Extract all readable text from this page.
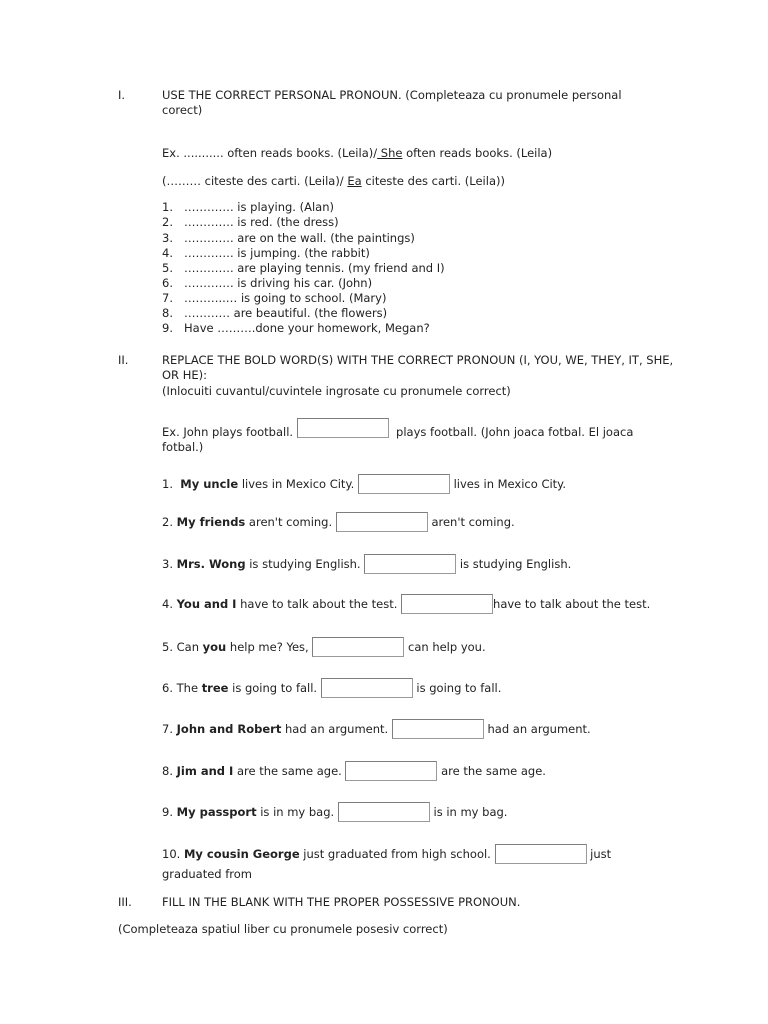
I.	USE THE CORRECT PERSONAL PRONOUN. (Completeaza cu pronumele personal corect)
Ex. ........... often reads books. (Leila)/ She often reads books. (Leila)
(……… citeste des carti. (Leila)/ Ea citeste des carti. (Leila))
1. …………. is playing. (Alan)
2. …………. is red. (the dress)
3. …………. are on the wall. (the paintings)
4. …………. is jumping. (the rabbit)
5. …………. are playing tennis. (my friend and I)
6. …………. is driving his car. (John)
7. ………..… is going to school. (Mary)
8. ………… are beautiful. (the flowers)
9. Have ……….done your homework, Megan?
II.	REPLACE THE BOLD WORD(S) WITH THE CORRECT PRONOUN (I, YOU, WE, THEY, IT, SHE, OR HE):
(Inlocuiti cuvantul/cuvintele ingrosate cu pronumele correct)
Ex. John plays football.	plays football. (John joaca fotbal. El joaca fotbal.)
1. My uncle lives in Mexico City.	lives in Mexico City.
2. My friends aren't coming.	aren't coming.
3. Mrs. Wong is studying English.	is studying English.
4. You and I have to talk about the test.	have to talk about the test.
5. Can you help me? Yes,	can help you.
6. The tree is going to fall.	is going to fall.
7. John and Robert had an argument.	had an argument.
8. Jim and I are the same age.	are the same age.
9. My passport is in my bag.	is in my bag.
10. My cousin George just graduated from high school.	just
graduated from
III.	FILL IN THE BLANK WITH THE PROPER POSSESSIVE PRONOUN.
(Completeaza spatiul liber cu pronumele posesiv correct)
